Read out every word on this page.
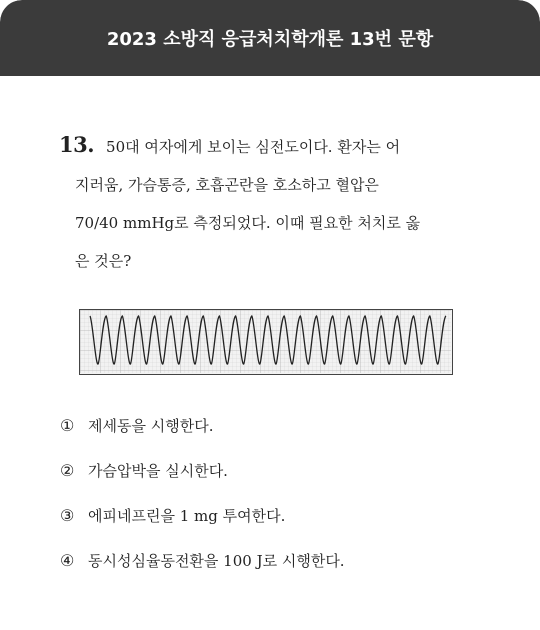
2023 소방직 응급처치학개론 13번 문항
13. 50대 여자에게 보이는 심전도이다. 환자는 어
지러움, 가슴통증, 호흡곤란을 호소하고 혈압은
70/40 mmHg로 측정되었다. 이때 필요한 처치로 옳
은 것은?
① 제세동을 시행한다.
② 가슴압박을 실시한다.
③ 에피네프린을 1 mg 투여한다.
④ 동시성심율동전환을 100 J로 시행한다.
